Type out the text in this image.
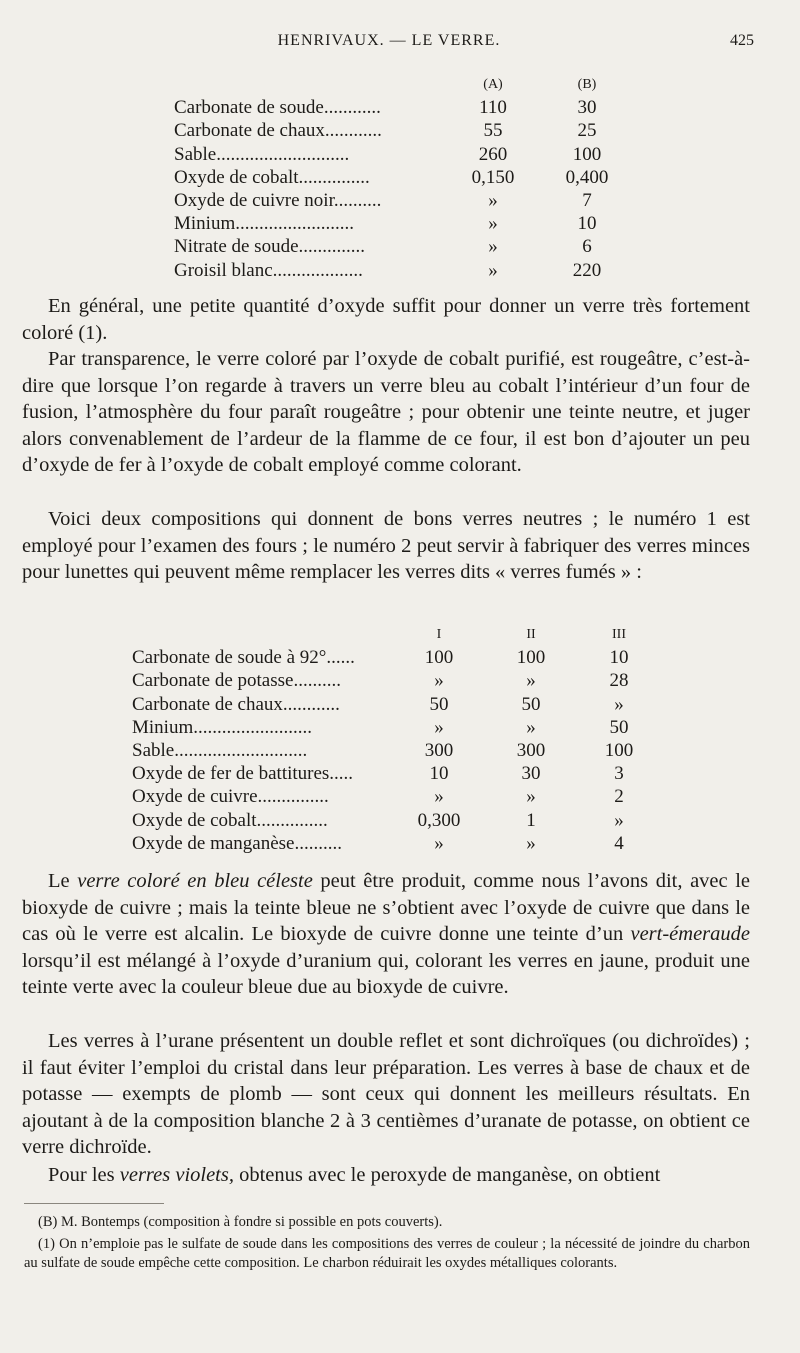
HENRIVAUX. — LE VERRE.	425
(A)	(B)
Carbonate de soude............	110	30
Carbonate de chaux............	55	25
Sable............................	260	100
Oxyde de cobalt...............	0,150	0,400
Oxyde de cuivre noir..........	»	7
Minium.........................	»	10
Nitrate de soude..............	»	6
Groisil blanc...................	»	220

En général, une petite quantité d’oxyde suffit pour donner un verre très fortement coloré (1).

Par transparence, le verre coloré par l’oxyde de cobalt purifié, est rougeâtre, c’est-à-dire que lorsque l’on regarde à travers un verre bleu au cobalt l’intérieur d’un four de fusion, l’atmosphère du four paraît rougeâtre ; pour obtenir une teinte neutre, et juger alors convenablement de l’ardeur de la flamme de ce four, il est bon d’ajouter un peu d’oxyde de fer à l’oxyde de cobalt employé comme colorant.

Voici deux compositions qui donnent de bons verres neutres ; le numéro 1 est employé pour l’examen des fours ; le numéro 2 peut servir à fabriquer des verres minces pour lunettes qui peuvent même remplacer les verres dits « verres fumés » :

I	II	III
Carbonate de soude à 92°......	100	100	10
Carbonate de potasse..........	»	»	28
Carbonate de chaux............	50	50	»
Minium.........................	»	»	50
Sable............................	300	300	100
Oxyde de fer de battitures.....	10	30	3
Oxyde de cuivre...............	»	»	2
Oxyde de cobalt...............	0,300	1	»
Oxyde de manganèse..........	»	»	4

Le verre coloré en bleu céleste peut être produit, comme nous l’avons dit, avec le bioxyde de cuivre ; mais la teinte bleue ne s’obtient avec l’oxyde de cuivre que dans le cas où le verre est alcalin. Le bioxyde de cuivre donne une teinte d’un vert-émeraude lorsqu’il est mélangé à l’oxyde d’uranium qui, colorant les verres en jaune, produit une teinte verte avec la couleur bleue due au bioxyde de cuivre.

Les verres à l’urane présentent un double reflet et sont dichroïques (ou dichroïdes) ; il faut éviter l’emploi du cristal dans leur préparation. Les verres à base de chaux et de potasse — exempts de plomb — sont ceux qui donnent les meilleurs résultats. En ajoutant à de la composition blanche 2 à 3 centièmes d’uranate de potasse, on obtient ce verre dichroïde.

Pour les verres violets, obtenus avec le peroxyde de manganèse, on obtient

(B) M. Bontemps (composition à fondre si possible en pots couverts).

(1) On n’emploie pas le sulfate de soude dans les compositions des verres de couleur ; la nécessité de joindre du charbon au sulfate de soude empêche cette composition. Le charbon réduirait les oxydes métalliques colorants.
